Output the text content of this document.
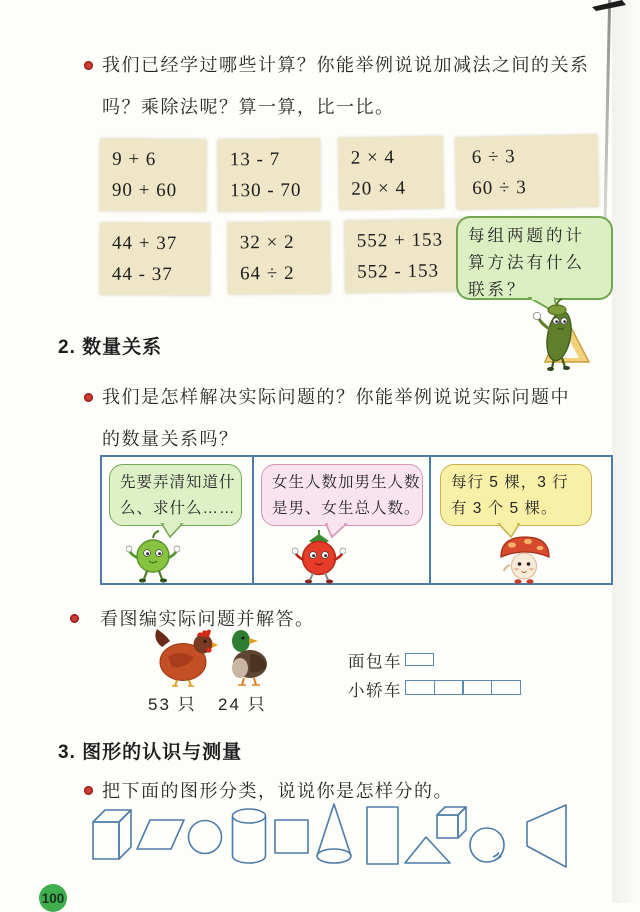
我们已经学过哪些计算？你能举例说说加减法之间的关系
吗？乘除法呢？算一算，比一比。
9 + 6
90 + 60
13 - 7
130 - 70
2 × 4
20 × 4
6 ÷ 3
60 ÷ 3
44 + 37
44 - 37
32 × 2
64 ÷ 2
552 + 153
552 - 153
每组两题的计
算方法有什么
联系？
2. 数量关系
我们是怎样解决实际问题的？你能举例说说实际问题中
的数量关系吗？
先要弄清知道什
么、求什么……
女生人数加男生人数
是男、女生总人数。
每行 5 棵，3 行
有 3 个 5 棵。
看图编实际问题并解答。
53 只 24 只
面包车
小轿车
3. 图形的认识与测量
把下面的图形分类，说说你是怎样分的。
100
